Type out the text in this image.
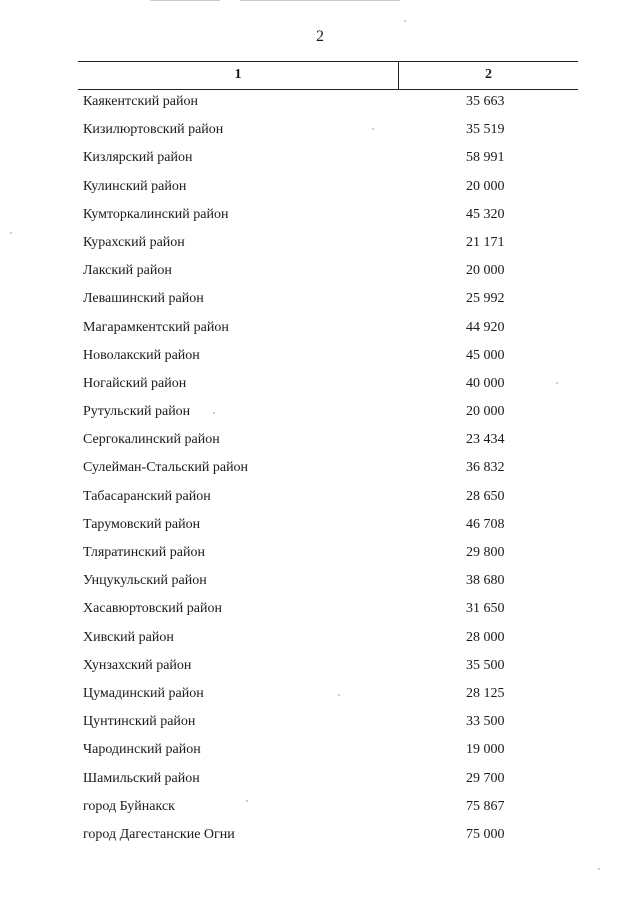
2
1	2
Каякентский район	35 663
Кизилюртовский район	35 519
Кизлярский район	58 991
Кулинский район	20 000
Кумторкалинский район	45 320
Курахский район	21 171
Лакский район	20 000
Левашинский район	25 992
Магарамкентский район	44 920
Новолакский район	45 000
Ногайский район	40 000
Рутульский район	20 000
Сергокалинский район	23 434
Сулейман-Стальский район	36 832
Табасаранский район	28 650
Тарумовский район	46 708
Тляратинский район	29 800
Унцукульский район	38 680
Хасавюртовский район	31 650
Хивский район	28 000
Хунзахский район	35 500
Цумадинский район	28 125
Цунтинский район	33 500
Чародинский район	19 000
Шамильский район	29 700
город Буйнакск	75 867
город Дагестанские Огни	75 000
